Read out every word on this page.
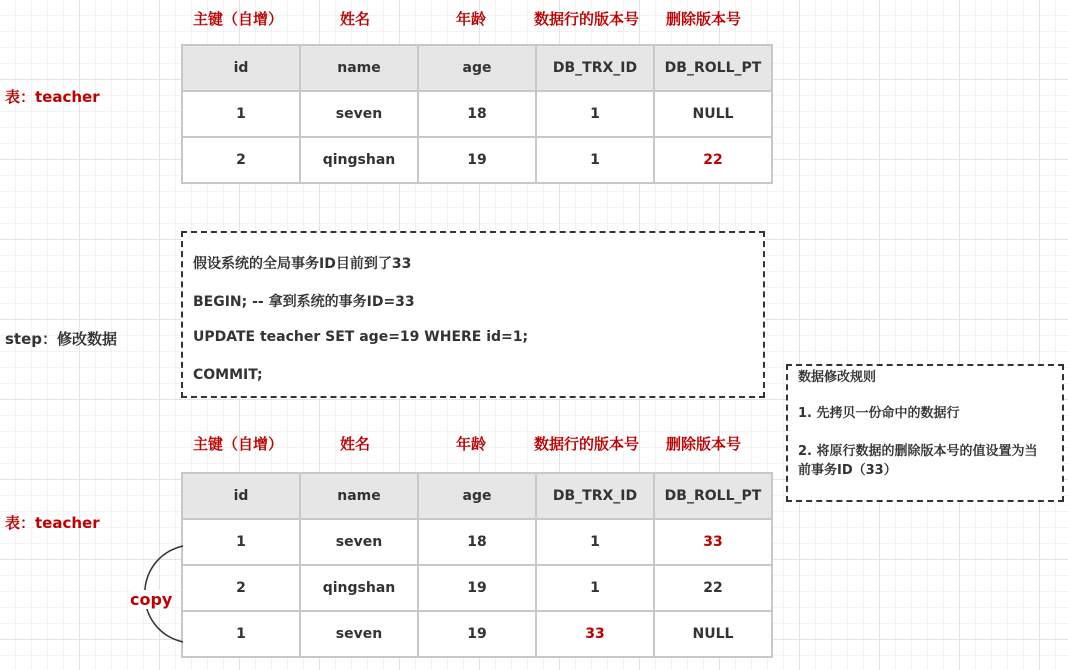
主键（自增）	姓名	年龄	数据行的版本号 删除版本号
表：teacher
id	name	age	DB_TRX_ID	DB_ROLL_PT
1	seven	18	1	NULL
2	qingshan	19	1	22
step：修改数据
假设系统的全局事务ID目前到了33
BEGIN; -- 拿到系统的事务ID=33
UPDATE teacher SET age=19 WHERE id=1;
COMMIT;	数据修改规则
1. 先拷贝一份命中的数据行
2. 将原行数据的删除版本号的值设置为当前事务ID（33）
主键（自增）	姓名	年龄	数据行的版本号 删除版本号
表：teacher
id	name	age	DB_TRX_ID	DB_ROLL_PT
1	seven	18	1	33
2	qingshan	19	1	22
1	seven	19	33	NULL
copy
